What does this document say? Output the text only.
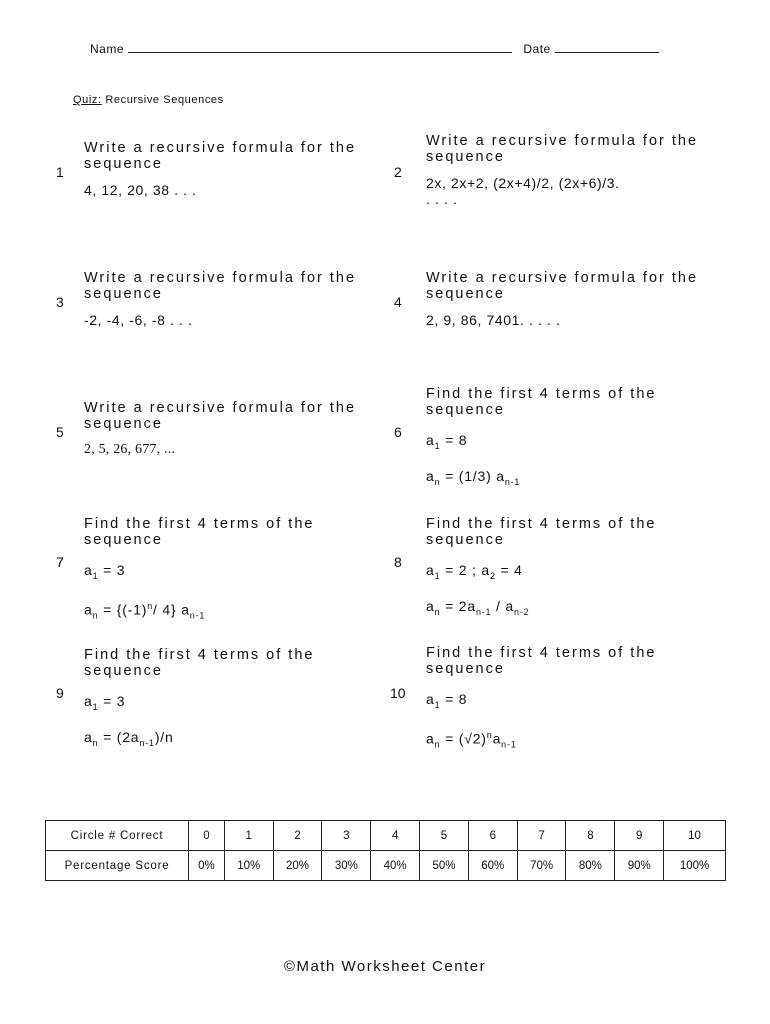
Name	Date
Quiz: Recursive Sequences
1
Write a recursive formula for the sequence
4, 12, 20, 38 . . .
2
Write a recursive formula for the sequence
2x, 2x+2, (2x+4)/2, (2x+6)/3. . . . .
3
Write a recursive formula for the sequence
-2, -4, -6, -8 . . .
4
Write a recursive formula for the sequence
2, 9, 86, 7401. . . . .
5
Write a recursive formula for the sequence
2, 5, 26, 677, ...
6
Find the first 4 terms of the sequence
$a_1 = 8$
$a_n = (1/3)$ $a_{n-1}$
7
Find the first 4 terms of the sequence
$a_1 = 3$
$a_n = \{(-1)^n/$ 4} $a_{n-1}$
8
Find the first 4 terms of the sequence
$a_1 = 2$ ; $a_2 = 4$
$a_n = 2a_{n-1} / a_{n-2}$
9
Find the first 4 terms of the sequence
$a_1 = 3$
$a_n = (2a_{n-1})/n$
10
Find the first 4 terms of the sequence
$a_1 = 8$
$a_n = (√2)^na_{n-1}$
Circle # Correct	0	1	2	3	4	5	6	7	8	9	10
Percentage Score	0%	10%	20%	30%	40%	50%	60%	70%	80%	90%	100%
©Math Worksheet Center
